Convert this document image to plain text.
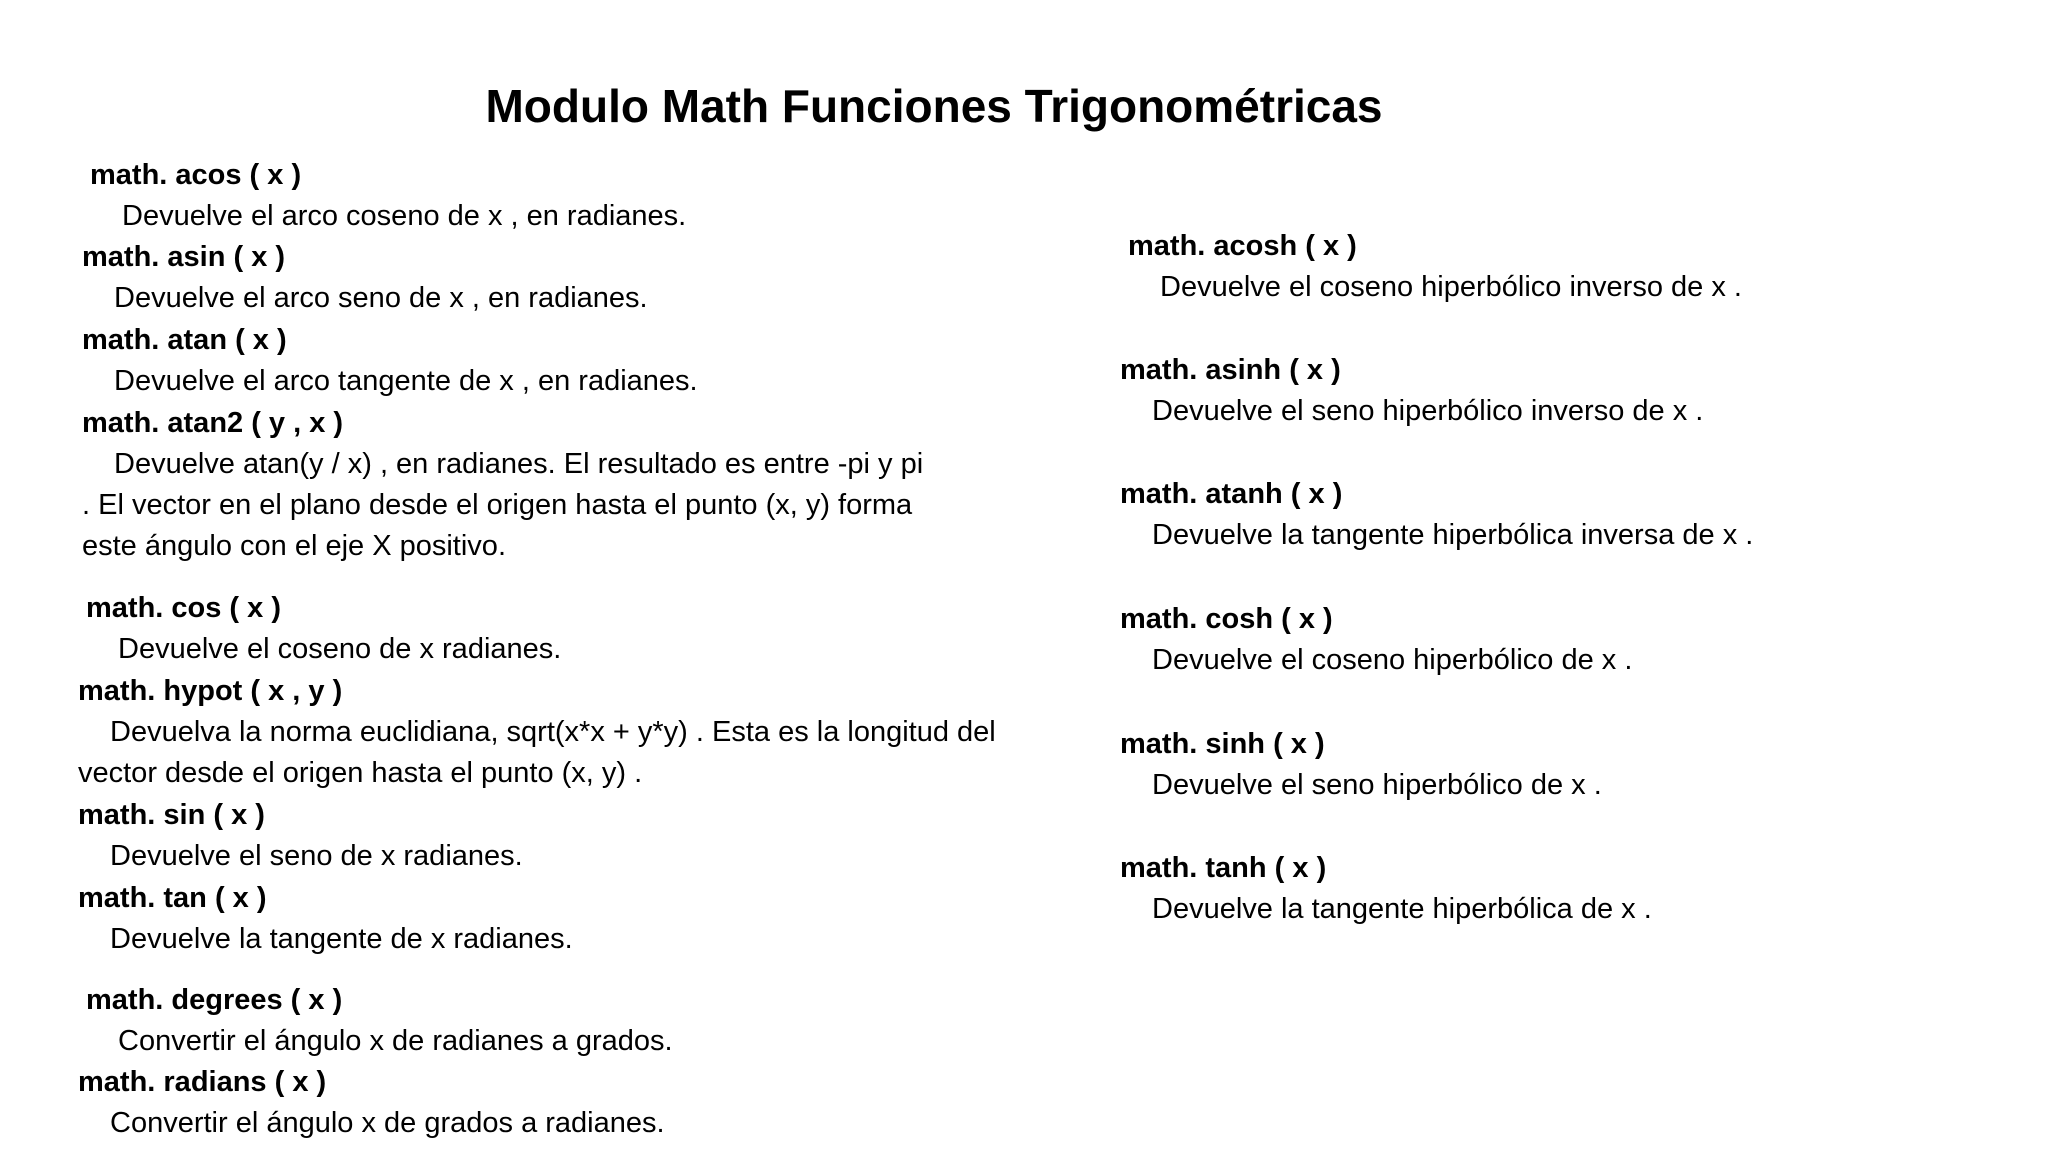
Modulo Math Funciones Trigonométricas
math. acos ( x )
Devuelve el arco coseno de x , en radianes.
math. asin ( x )
Devuelve el arco seno de x , en radianes.
math. atan ( x )
Devuelve el arco tangente de x , en radianes.
math. atan2 ( y , x )
Devuelve atan(y / x) , en radianes. El resultado es entre -pi y pi
. El vector en el plano desde el origen hasta el punto (x, y) forma
este ángulo con el eje X positivo.
math. cos ( x )
Devuelve el coseno de x radianes.
math. hypot ( x , y )
Devuelva la norma euclidiana, sqrt(x*x + y*y) . Esta es la longitud del
vector desde el origen hasta el punto (x, y) .
math. sin ( x )
Devuelve el seno de x radianes.
math. tan ( x )
Devuelve la tangente de x radianes.
math. degrees ( x )
Convertir el ángulo x de radianes a grados.
math. radians ( x )
Convertir el ángulo x de grados a radianes.
math. acosh ( x )
Devuelve el coseno hiperbólico inverso de x .
math. asinh ( x )
Devuelve el seno hiperbólico inverso de x .
math. atanh ( x )
Devuelve la tangente hiperbólica inversa de x .
math. cosh ( x )
Devuelve el coseno hiperbólico de x .
math. sinh ( x )
Devuelve el seno hiperbólico de x .
math. tanh ( x )
Devuelve la tangente hiperbólica de x .
